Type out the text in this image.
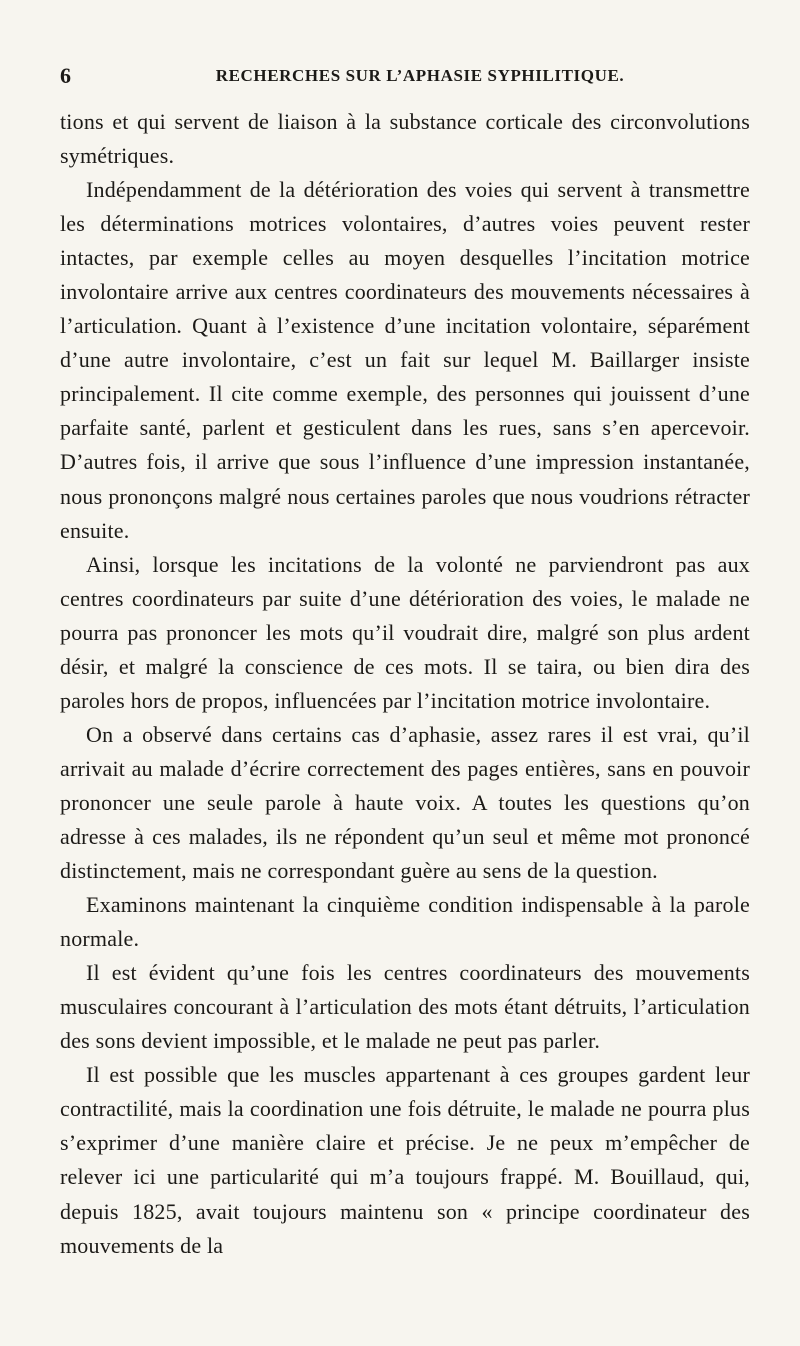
6	RECHERCHES SUR L’APHASIE SYPHILITIQUE.

tions et qui servent de liaison à la substance corticale des circonvolutions symétriques.

Indépendamment de la détérioration des voies qui servent à transmettre les déterminations motrices volontaires, d’autres voies peuvent rester intactes, par exemple celles au moyen desquelles l’incitation motrice involontaire arrive aux centres coordinateurs des mouvements nécessaires à l’articulation. Quant à l’existence d’une incitation volontaire, séparément d’une autre involontaire, c’est un fait sur lequel M. Baillarger insiste principalement. Il cite comme exemple, des personnes qui jouissent d’une parfaite santé, parlent et gesticulent dans les rues, sans s’en apercevoir. D’autres fois, il arrive que sous l’influence d’une impression instantanée, nous prononçons malgré nous certaines paroles que nous voudrions rétracter ensuite.

Ainsi, lorsque les incitations de la volonté ne parviendront pas aux centres coordinateurs par suite d’une détérioration des voies, le malade ne pourra pas prononcer les mots qu’il voudrait dire, malgré son plus ardent désir, et malgré la conscience de ces mots. Il se taira, ou bien dira des paroles hors de propos, influencées par l’incitation motrice involontaire.

On a observé dans certains cas d’aphasie, assez rares il est vrai, qu’il arrivait au malade d’écrire correctement des pages entières, sans en pouvoir prononcer une seule parole à haute voix. A toutes les questions qu’on adresse à ces malades, ils ne répondent qu’un seul et même mot prononcé distinctement, mais ne correspondant guère au sens de la question.

Examinons maintenant la cinquième condition indispensable à la parole normale.

Il est évident qu’une fois les centres coordinateurs des mouvements musculaires concourant à l’articulation des mots étant détruits, l’articulation des sons devient impossible, et le malade ne peut pas parler.

Il est possible que les muscles appartenant à ces groupes gardent leur contractilité, mais la coordination une fois détruite, le malade ne pourra plus s’exprimer d’une manière claire et précise. Je ne peux m’empêcher de relever ici une particularité qui m’a toujours frappé. M. Bouillaud, qui, depuis 1825, avait toujours maintenu son « principe coordinateur des mouvements de la
